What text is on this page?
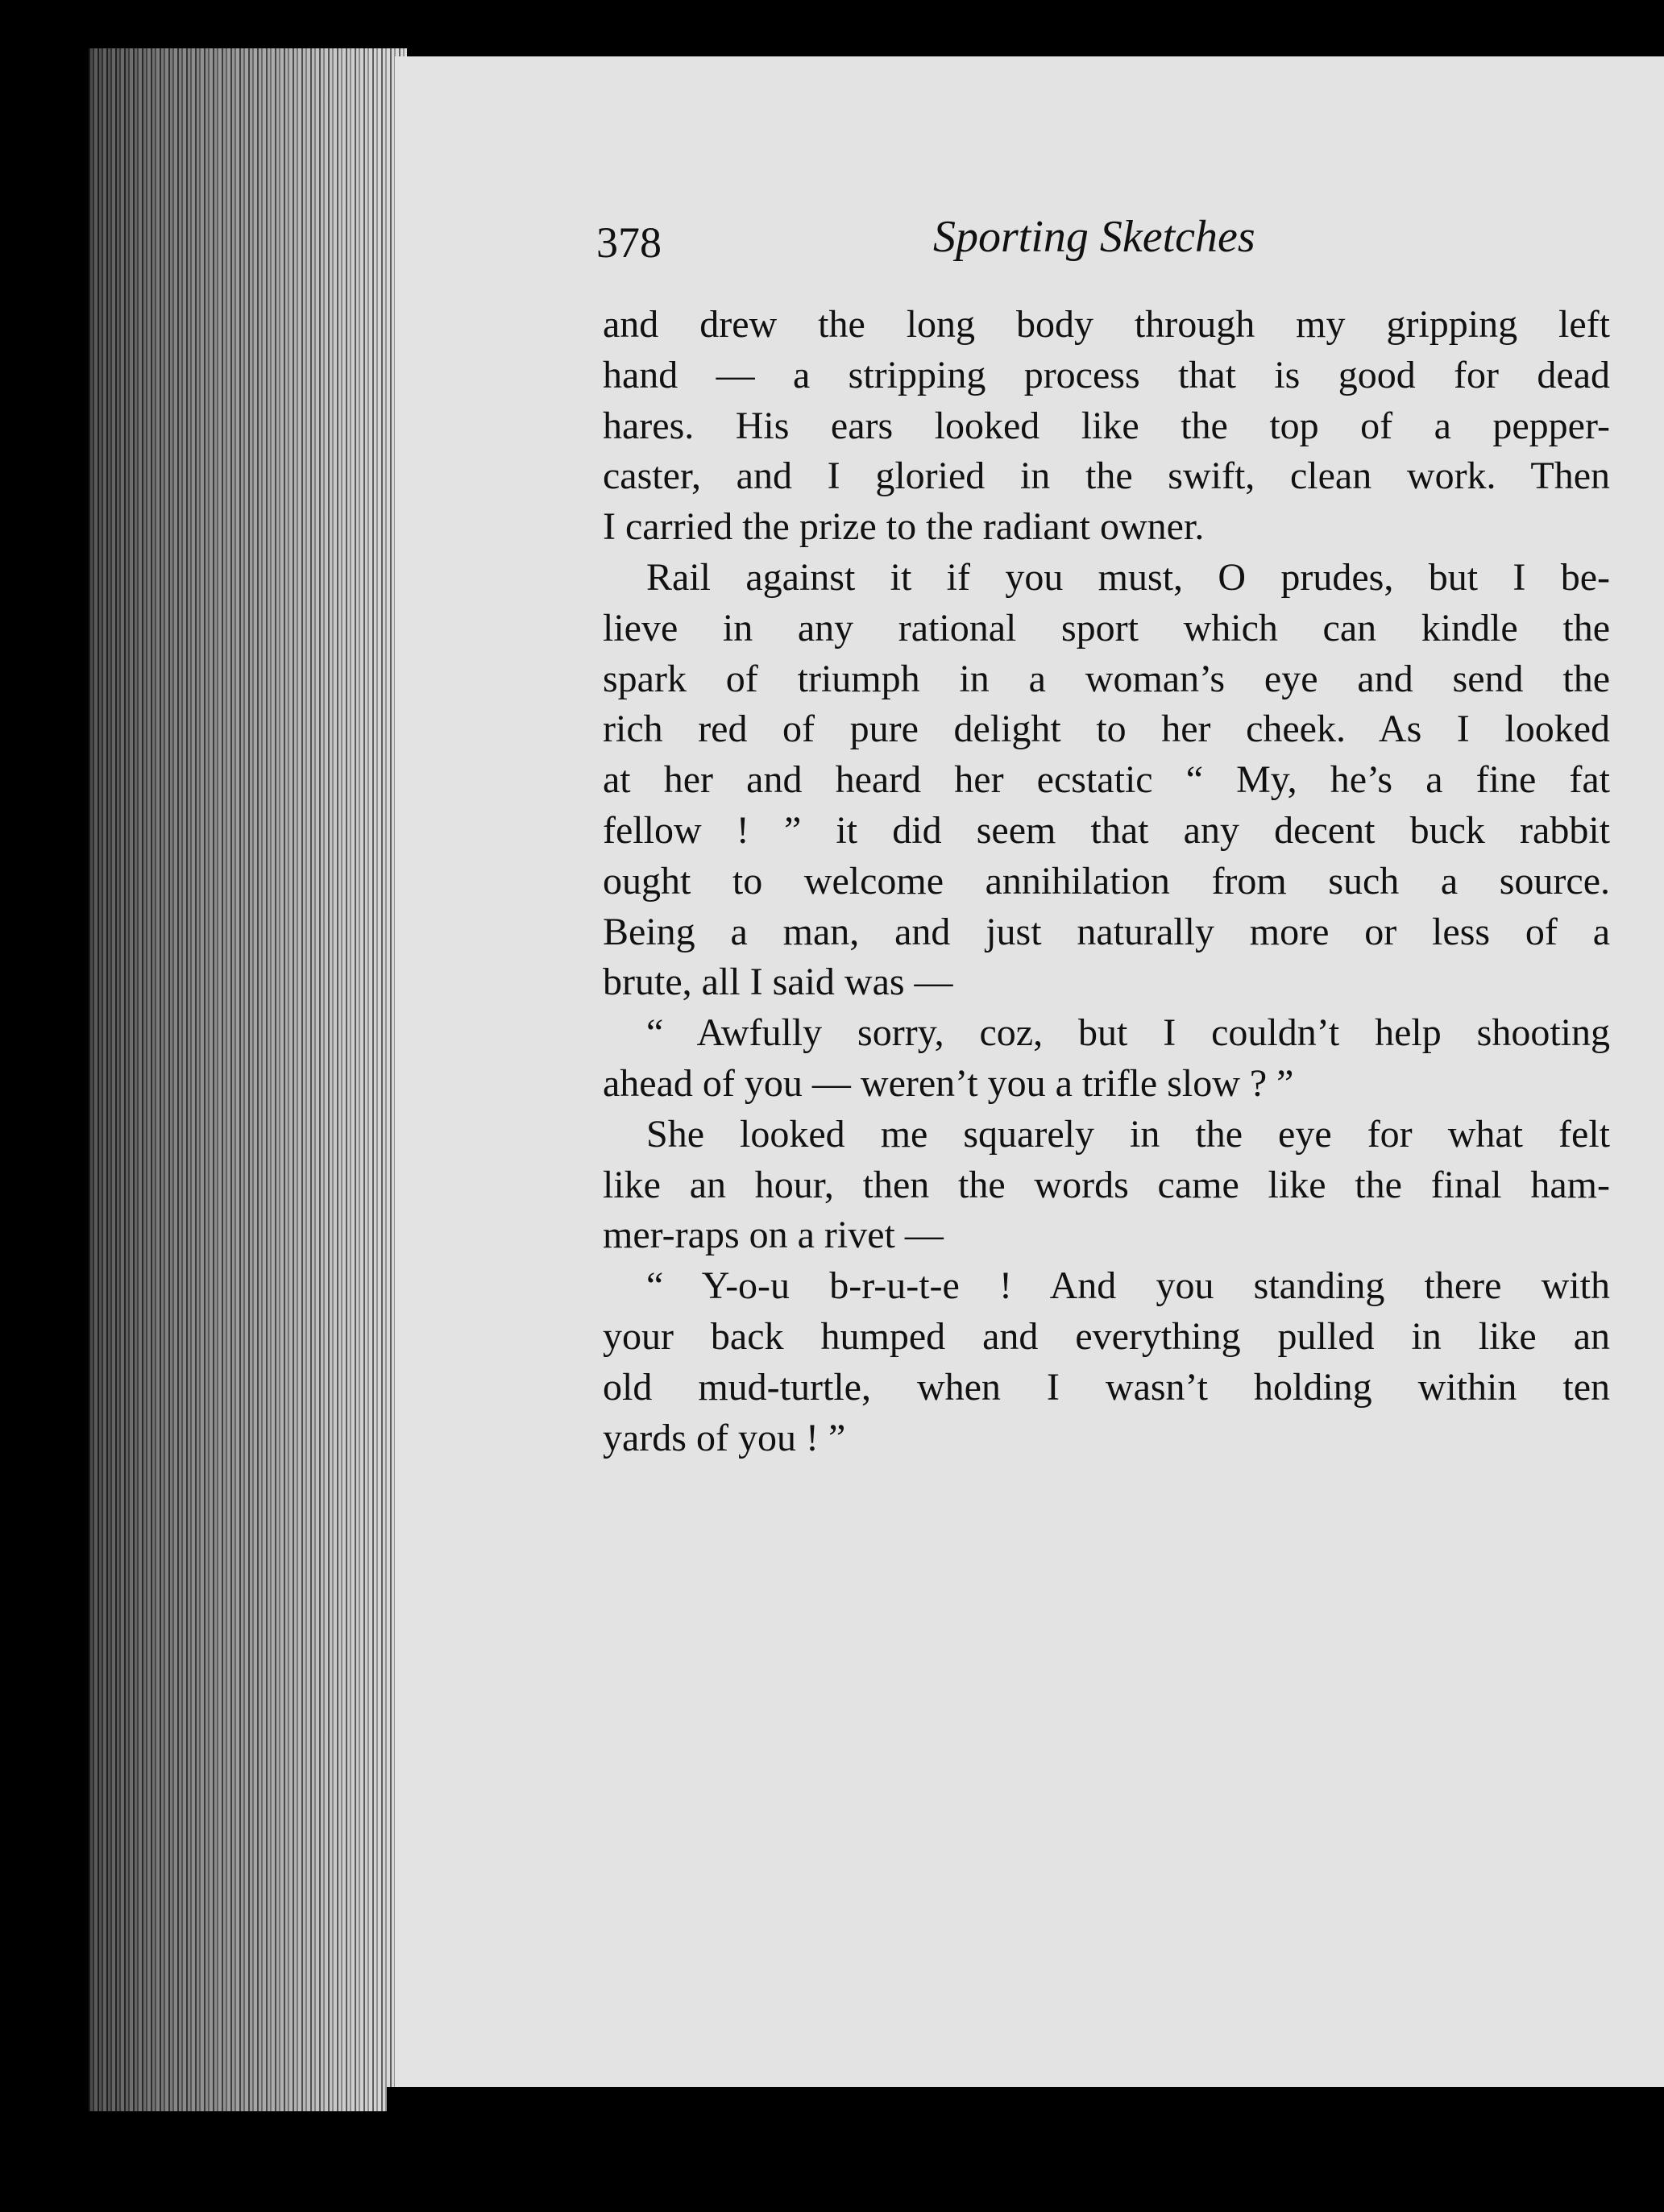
378	Sporting Sketches
and drew the long body through my gripping left
hand — a stripping process that is good for dead
hares. His ears looked like the top of a pepper-
caster, and I gloried in the swift, clean work. Then
I carried the prize to the radiant owner.
Rail against it if you must, O prudes, but I be-
lieve in any rational sport which can kindle the
spark of triumph in a woman’s eye and send the
rich red of pure delight to her cheek. As I looked
at her and heard her ecstatic “ My, he’s a fine fat
fellow ! ” it did seem that any decent buck rabbit
ought to welcome annihilation from such a source.
Being a man, and just naturally more or less of a
brute, all I said was —
“ Awfully sorry, coz, but I couldn’t help shooting
ahead of you — weren’t you a trifle slow ? ”
She looked me squarely in the eye for what felt
like an hour, then the words came like the final ham-
mer-raps on a rivet —
“ Y-o-u b-r-u-t-e ! And you standing there with
your back humped and everything pulled in like an
old mud-turtle, when I wasn’t holding within ten
yards of you ! ”
